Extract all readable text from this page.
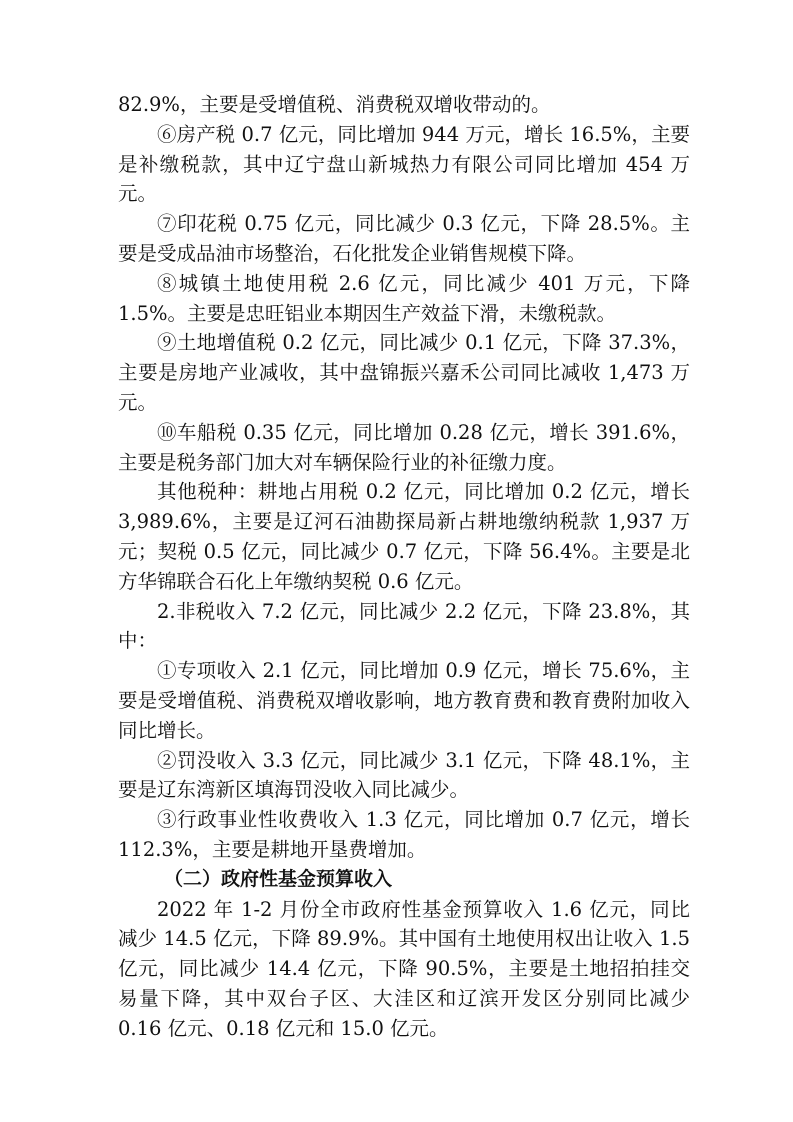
82.9%，主要是受增值税、消费税双增收带动的。

⑥房产税 0.7 亿元，同比增加 944 万元，增长 16.5%，主要是补缴税款，其中辽宁盘山新城热力有限公司同比增加 454 万元。

⑦印花税 0.75 亿元，同比减少 0.3 亿元，下降 28.5%。主要是受成品油市场整治，石化批发企业销售规模下降。

⑧城镇土地使用税 2.6 亿元，同比减少 401 万元，下降 1.5%。主要是忠旺铝业本期因生产效益下滑，未缴税款。

⑨土地增值税 0.2 亿元，同比减少 0.1 亿元，下降 37.3%，主要是房地产业减收，其中盘锦振兴嘉禾公司同比减收 1,473 万元。

⑩车船税 0.35 亿元，同比增加 0.28 亿元，增长 391.6%，主要是税务部门加大对车辆保险行业的补征缴力度。

其他税种：耕地占用税 0.2 亿元，同比增加 0.2 亿元，增长 3,989.6%，主要是辽河石油勘探局新占耕地缴纳税款 1,937 万元；契税 0.5 亿元，同比减少 0.7 亿元，下降 56.4%。主要是北方华锦联合石化上年缴纳契税 0.6 亿元。

2.非税收入 7.2 亿元，同比减少 2.2 亿元，下降 23.8%，其中：

①专项收入 2.1 亿元，同比增加 0.9 亿元，增长 75.6%，主要是受增值税、消费税双增收影响，地方教育费和教育费附加收入同比增长。

②罚没收入 3.3 亿元，同比减少 3.1 亿元，下降 48.1%，主要是辽东湾新区填海罚没收入同比减少。

③行政事业性收费收入 1.3 亿元，同比增加 0.7 亿元，增长 112.3%，主要是耕地开垦费增加。

（二）政府性基金预算收入

2022 年 1-2 月份全市政府性基金预算收入 1.6 亿元，同比减少 14.5 亿元，下降 89.9%。其中国有土地使用权出让收入 1.5 亿元，同比减少 14.4 亿元，下降 90.5%，主要是土地招拍挂交易量下降，其中双台子区、大洼区和辽滨开发区分别同比减少 0.16 亿元、0.18 亿元和 15.0 亿元。
